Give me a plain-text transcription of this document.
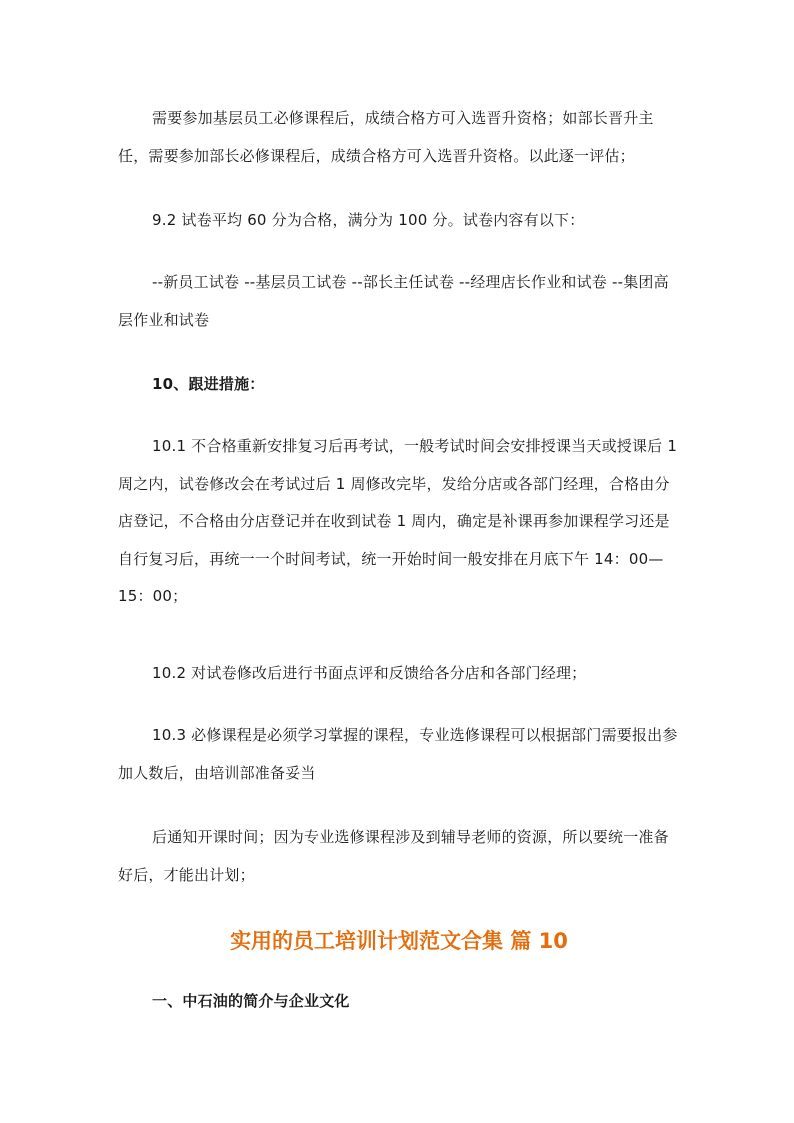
需要参加基层员工必修课程后，成绩合格方可入选晋升资格；如部长晋升主任，需要参加部长必修课程后，成绩合格方可入选晋升资格。以此逐一评估；

9.2 试卷平均 60 分为合格，满分为 100 分。试卷内容有以下：

--新员工试卷 --基层员工试卷 --部长主任试卷 --经理店长作业和试卷 --集团高层作业和试卷

10、跟进措施：

10.1 不合格重新安排复习后再考试，一般考试时间会安排授课当天或授课后 1 周之内，试卷修改会在考试过后 1 周修改完毕，发给分店或各部门经理，合格由分店登记，不合格由分店登记并在收到试卷 1 周内，确定是补课再参加课程学习还是自行复习后，再统一一个时间考试，统一开始时间一般安排在月底下午 14：00—15：00；

10.2 对试卷修改后进行书面点评和反馈给各分店和各部门经理；

10.3 必修课程是必须学习掌握的课程，专业选修课程可以根据部门需要报出参加人数后，由培训部准备妥当

后通知开课时间；因为专业选修课程涉及到辅导老师的资源，所以要统一准备好后，才能出计划；

实用的员工培训计划范文合集 篇 10

一、中石油的简介与企业文化
